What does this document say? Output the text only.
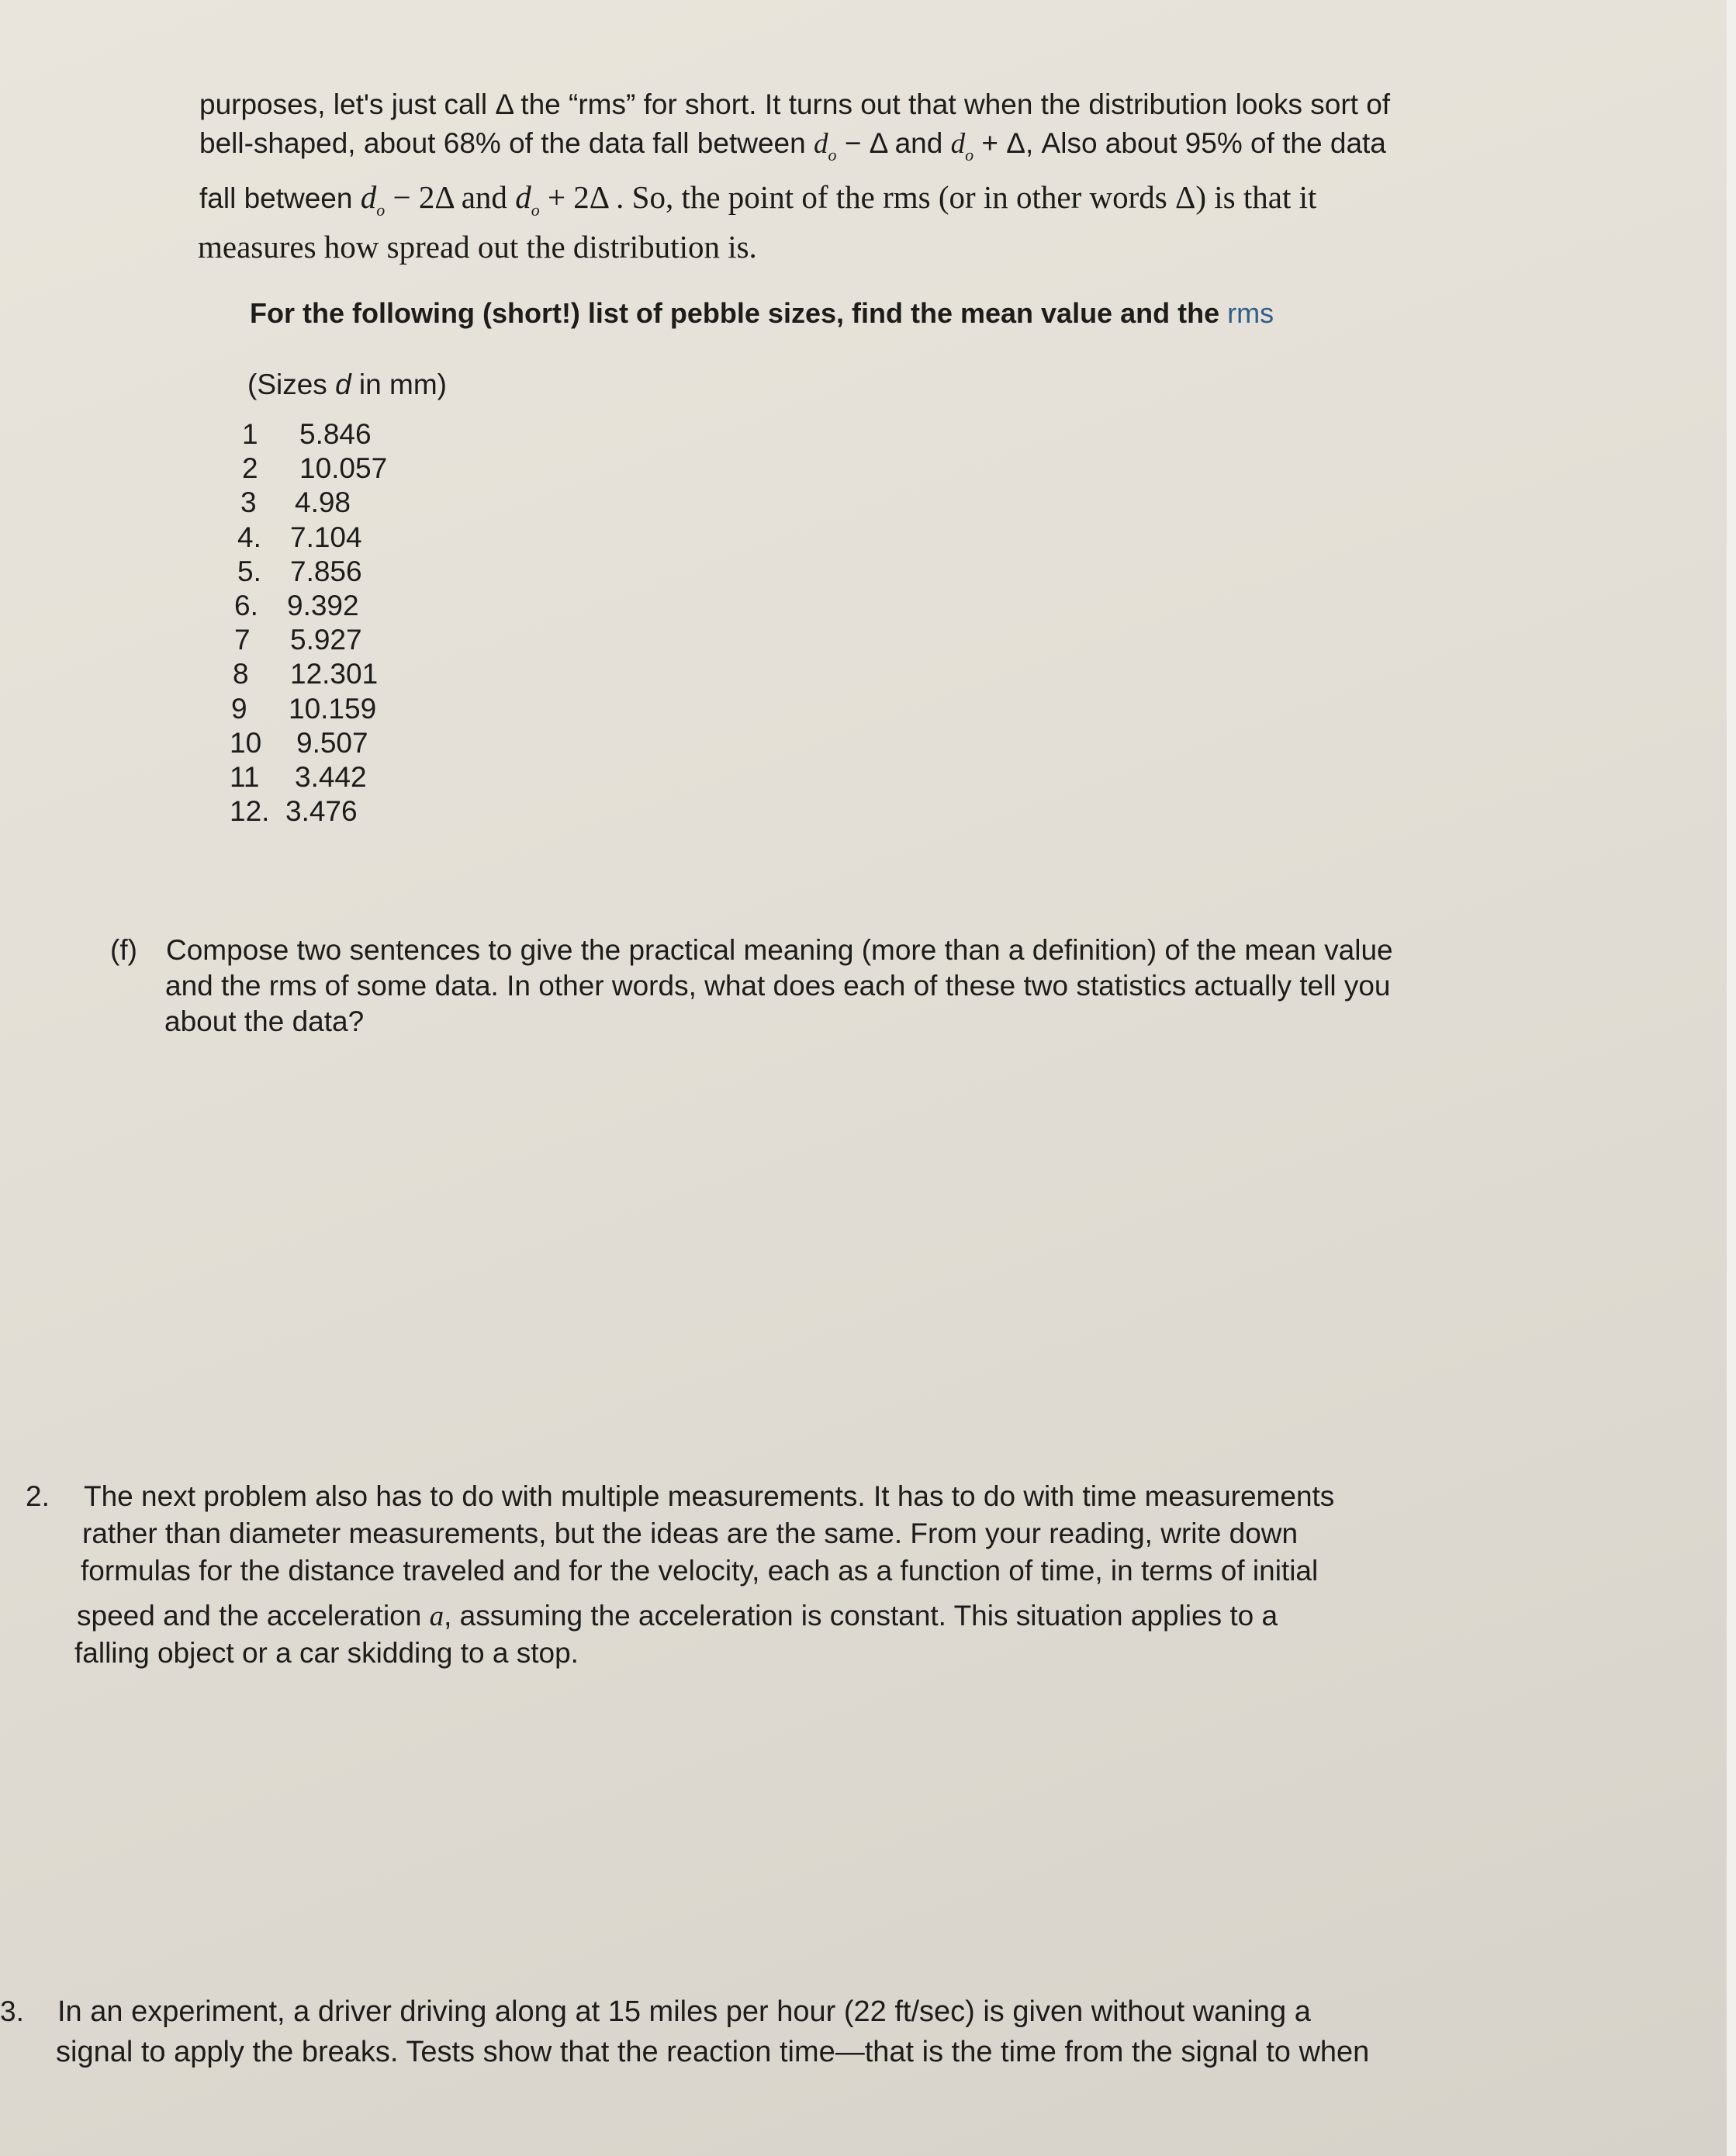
purposes, let's just call Δ the “rms” for short. It turns out that when the distribution looks sort of
bell-shaped, about 68% of the data fall between $d_o - \Delta$ and $d_o + \Delta$, Also about 95% of the data
fall between $d_o - 2\Delta$ and $d_o + 2\Delta$ . So, the point of the rms (or in other words Δ) is that it
measures how spread out the distribution is.
For the following (short!) list of pebble sizes, find the mean value and the rms
(Sizes d in mm)
1 5.846
2 10.057
3 4.98
4. 7.104
5. 7.856
6. 9.392
7 5.927
8 12.301
9 10.159
10 9.507
11 3.442
12. 3.476
(f) Compose two sentences to give the practical meaning (more than a definition) of the mean value
and the rms of some data. In other words, what does each of these two statistics actually tell you
about the data?
2. The next problem also has to do with multiple measurements. It has to do with time measurements
rather than diameter measurements, but the ideas are the same. From your reading, write down
formulas for the distance traveled and for the velocity, each as a function of time, in terms of initial
speed and the acceleration a, assuming the acceleration is constant. This situation applies to a
falling object or a car skidding to a stop.
3. In an experiment, a driver driving along at 15 miles per hour (22 ft/sec) is given without waning a
signal to apply the breaks. Tests show that the reaction time—that is the time from the signal to when
